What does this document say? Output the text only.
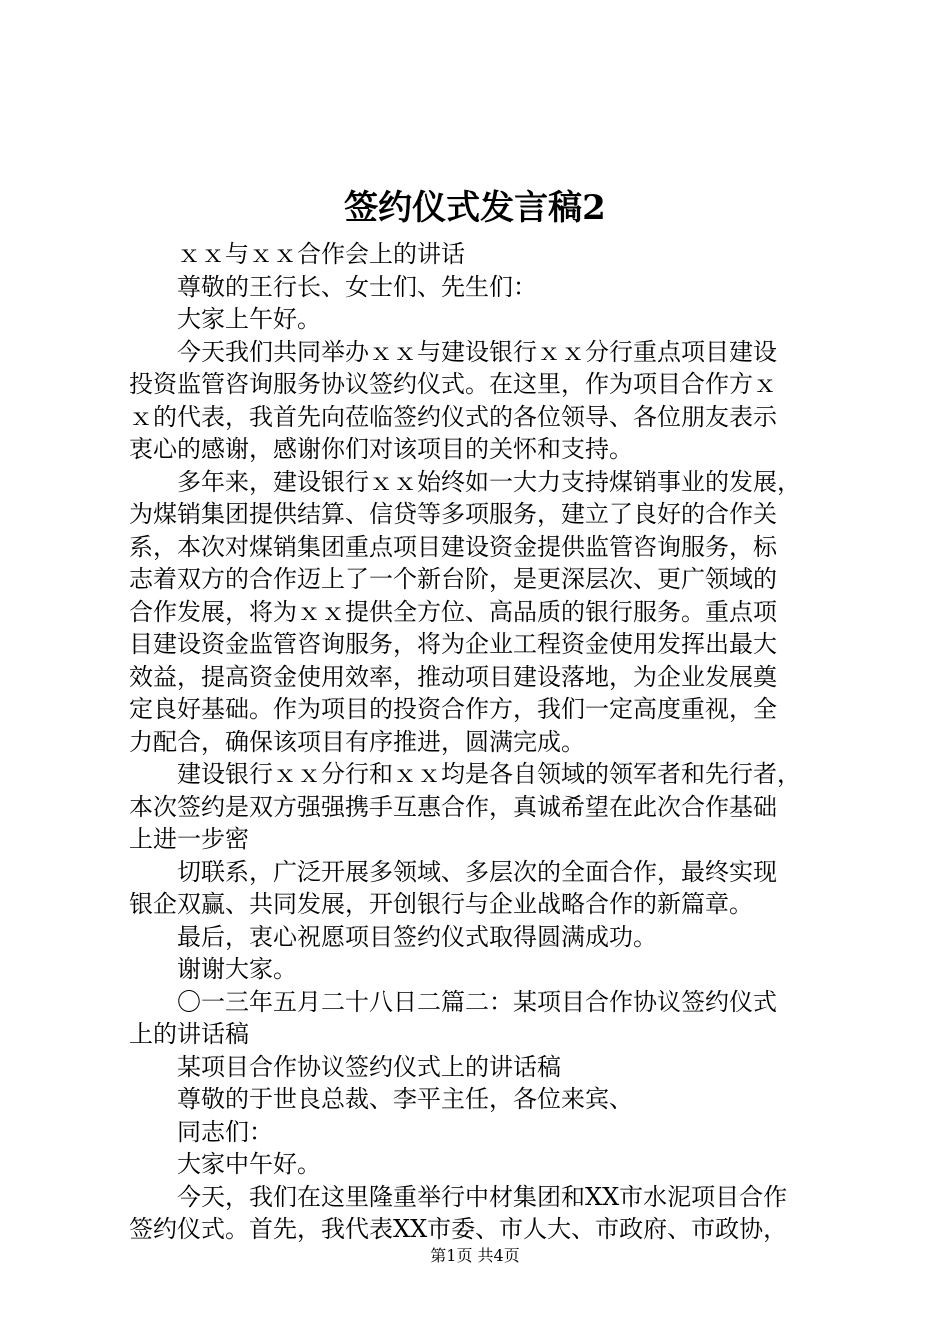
签约仪式发言稿2
ｘｘ与ｘｘ合作会上的讲话
尊敬的王行长、女士们、先生们：
大家上午好。
今天我们共同举办ｘｘ与建设银行ｘｘ分行重点项目建设
投资监管咨询服务协议签约仪式。在这里，作为项目合作方ｘ
ｘ的代表，我首先向莅临签约仪式的各位领导、各位朋友表示
衷心的感谢，感谢你们对该项目的关怀和支持。
多年来，建设银行ｘｘ始终如一大力支持煤销事业的发展，
为煤销集团提供结算、信贷等多项服务，建立了良好的合作关
系，本次对煤销集团重点项目建设资金提供监管咨询服务，标
志着双方的合作迈上了一个新台阶，是更深层次、更广领域的
合作发展，将为ｘｘ提供全方位、高品质的银行服务。重点项
目建设资金监管咨询服务，将为企业工程资金使用发挥出最大
效益，提高资金使用效率，推动项目建设落地，为企业发展奠
定良好基础。作为项目的投资合作方，我们一定高度重视，全
力配合，确保该项目有序推进，圆满完成。
建设银行ｘｘ分行和ｘｘ均是各自领域的领军者和先行者，
本次签约是双方强强携手互惠合作，真诚希望在此次合作基础
上进一步密
切联系，广泛开展多领域、多层次的全面合作，最终实现
银企双赢、共同发展，开创银行与企业战略合作的新篇章。
最后，衷心祝愿项目签约仪式取得圆满成功。
谢谢大家。
〇一三年五月二十八日二篇二：某项目合作协议签约仪式
上的讲话稿
某项目合作协议签约仪式上的讲话稿
尊敬的于世良总裁、李平主任，各位来宾、
同志们：
大家中午好。
今天，我们在这里隆重举行中材集团和XX市水泥项目合作
签约仪式。首先，我代表XX市委、市人大、市政府、市政协，
第1页 共4页
